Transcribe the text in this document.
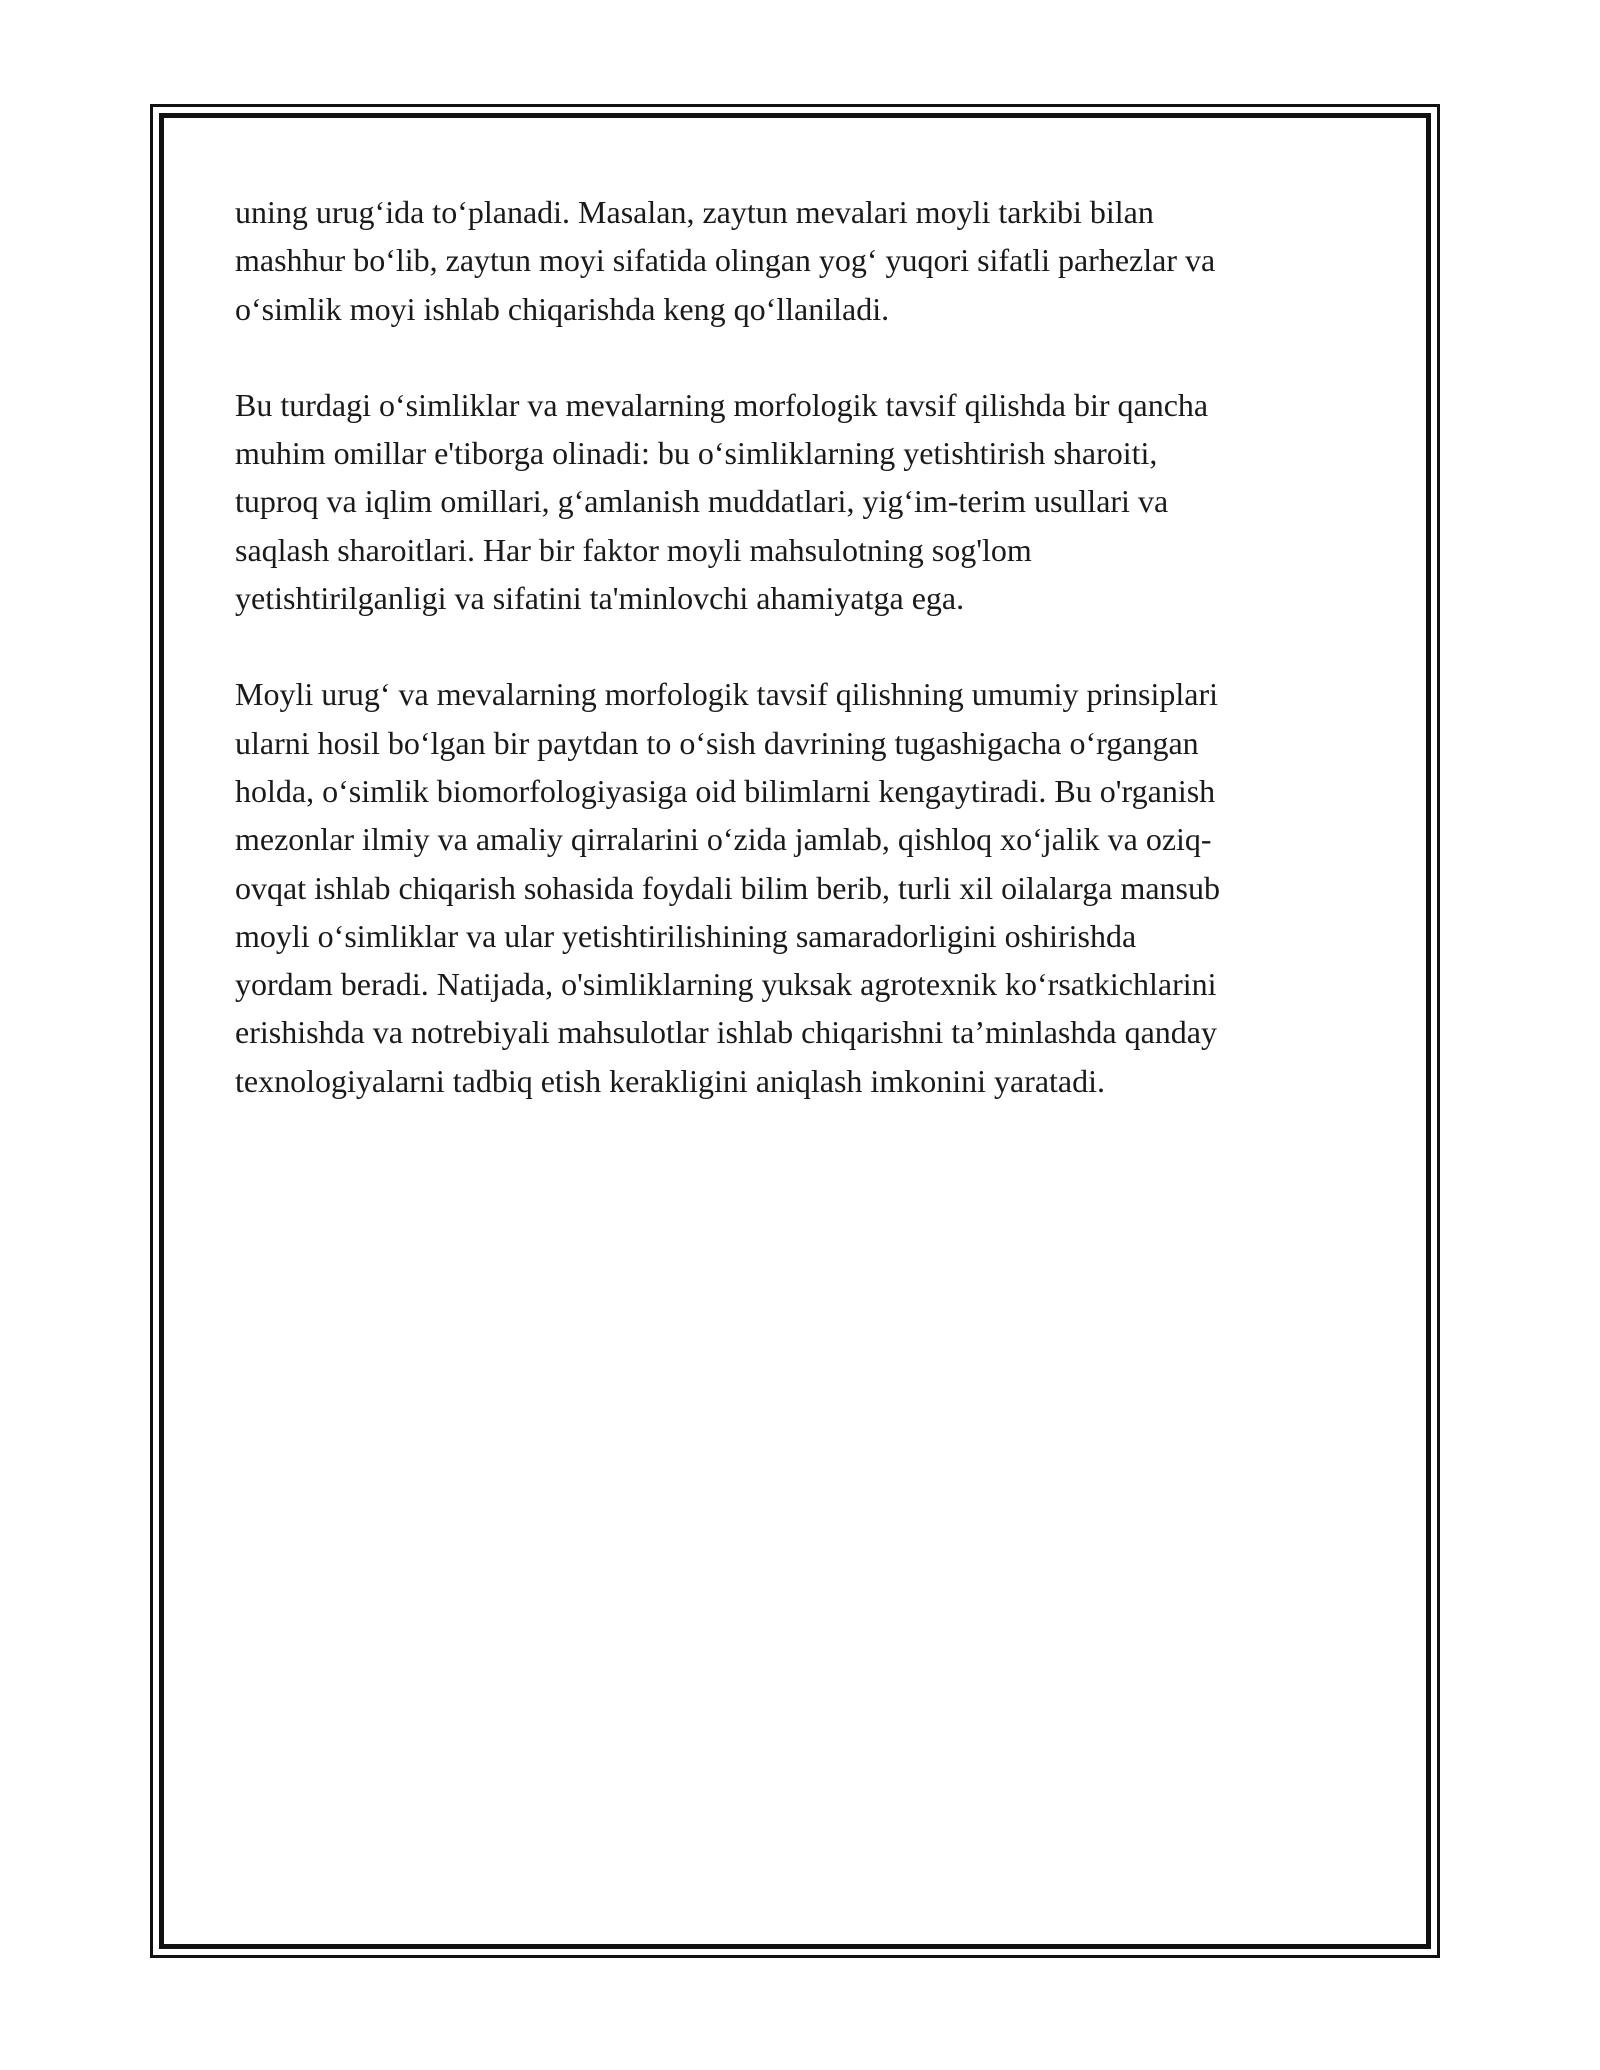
uning urug‘ida to‘planadi. Masalan, zaytun mevalari moyli tarkibi bilan
mashhur bo‘lib, zaytun moyi sifatida olingan yog‘ yuqori sifatli parhezlar va
o‘simlik moyi ishlab chiqarishda keng qo‘llaniladi.

Bu turdagi o‘simliklar va mevalarning morfologik tavsif qilishda bir qancha
muhim omillar e'tiborga olinadi: bu o‘simliklarning yetishtirish sharoiti,
tuproq va iqlim omillari, g‘amlanish muddatlari, yig‘im-terim usullari va
saqlash sharoitlari. Har bir faktor moyli mahsulotning sog'lom
yetishtirilganligi va sifatini ta'minlovchi ahamiyatga ega.

Moyli urug‘ va mevalarning morfologik tavsif qilishning umumiy prinsiplari
ularni hosil bo‘lgan bir paytdan to o‘sish davrining tugashigacha o‘rgangan
holda, o‘simlik biomorfologiyasiga oid bilimlarni kengaytiradi. Bu o'rganish
mezonlar ilmiy va amaliy qirralarini o‘zida jamlab, qishloq xo‘jalik va oziq-
ovqat ishlab chiqarish sohasida foydali bilim berib, turli xil oilalarga mansub
moyli o‘simliklar va ular yetishtirilishining samaradorligini oshirishda
yordam beradi. Natijada, o'simliklarning yuksak agrotexnik ko‘rsatkichlarini
erishishda va notrebiyali mahsulotlar ishlab chiqarishni ta’minlashda qanday
texnologiyalarni tadbiq etish kerakligini aniqlash imkonini yaratadi.
